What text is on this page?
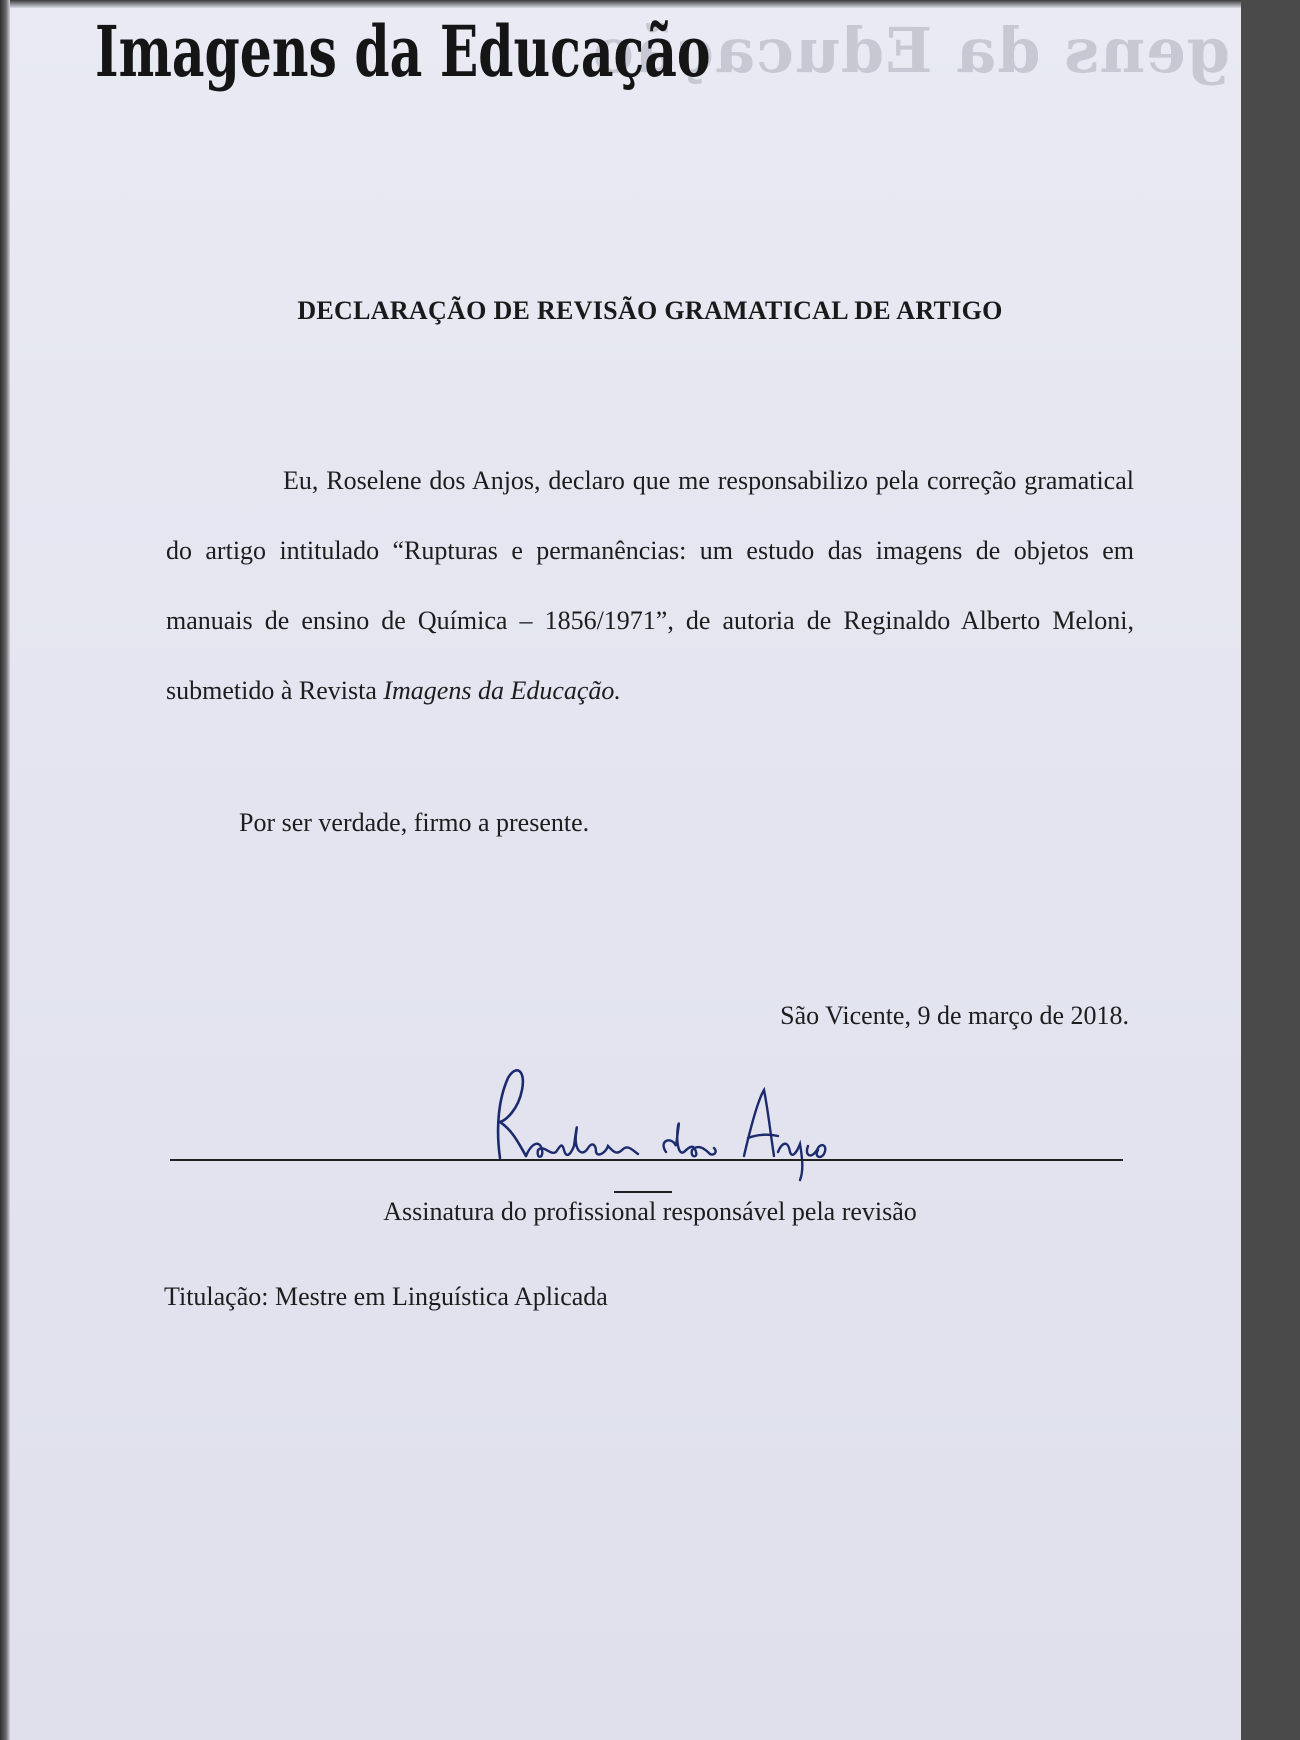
gens da Educação
Imagens da Educação
DECLARAÇÃO DE REVISÃO GRAMATICAL DE ARTIGO
Eu, Roselene dos Anjos, declaro que me responsabilizo pela correção gramatical do artigo intitulado “Rupturas e permanências: um estudo das imagens de objetos em manuais de ensino de Química – 1856/1971”, de autoria de Reginaldo Alberto Meloni, submetido à Revista Imagens da Educação.
Por ser verdade, firmo a presente.
São Vicente, 9 de março de 2018.
Roselene dos Anjos
Assinatura do profissional responsável pela revisão
Titulação: Mestre em Linguística Aplicada
